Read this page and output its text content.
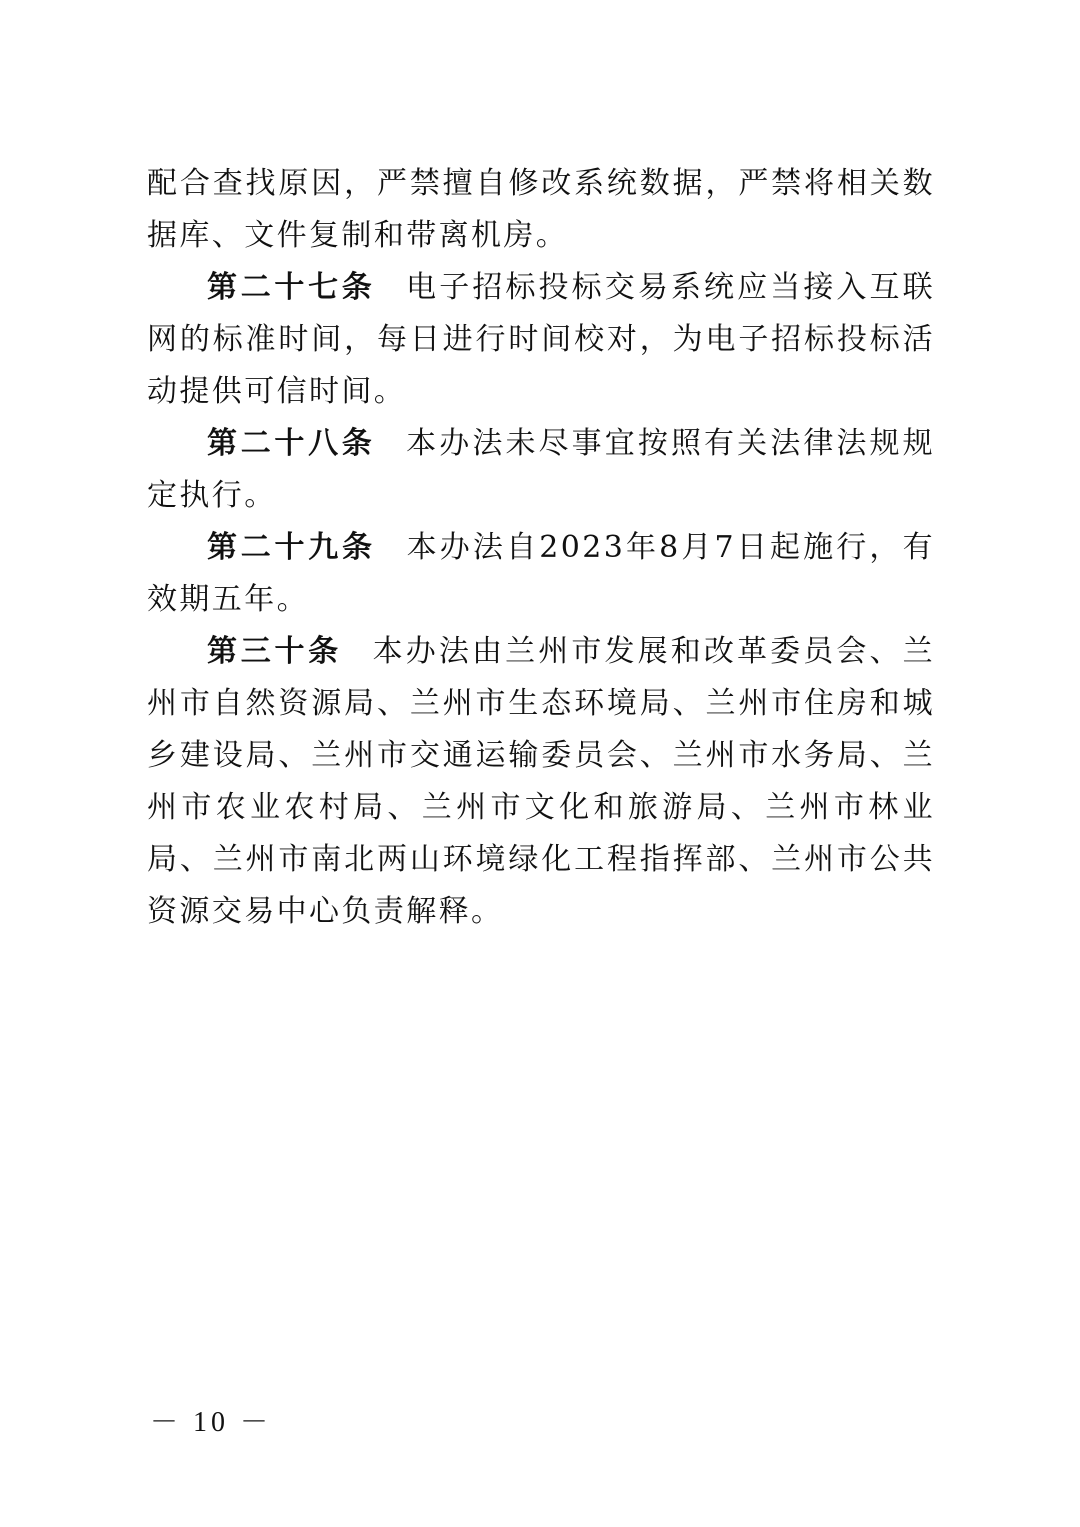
配合查找原因，严禁擅自修改系统数据，严禁将相关数据库、文件复制和带离机房。

第二十七条 电子招标投标交易系统应当接入互联网的标准时间，每日进行时间校对，为电子招标投标活动提供可信时间。

第二十八条 本办法未尽事宜按照有关法律法规规定执行。

第二十九条 本办法自2023年8月7日起施行，有效期五年。

第三十条 本办法由兰州市发展和改革委员会、兰州市自然资源局、兰州市生态环境局、兰州市住房和城乡建设局、兰州市交通运输委员会、兰州市水务局、兰州市农业农村局、兰州市文化和旅游局、兰州市林业局、兰州市南北两山环境绿化工程指挥部、兰州市公共资源交易中心负责解释。

－ 10 －
